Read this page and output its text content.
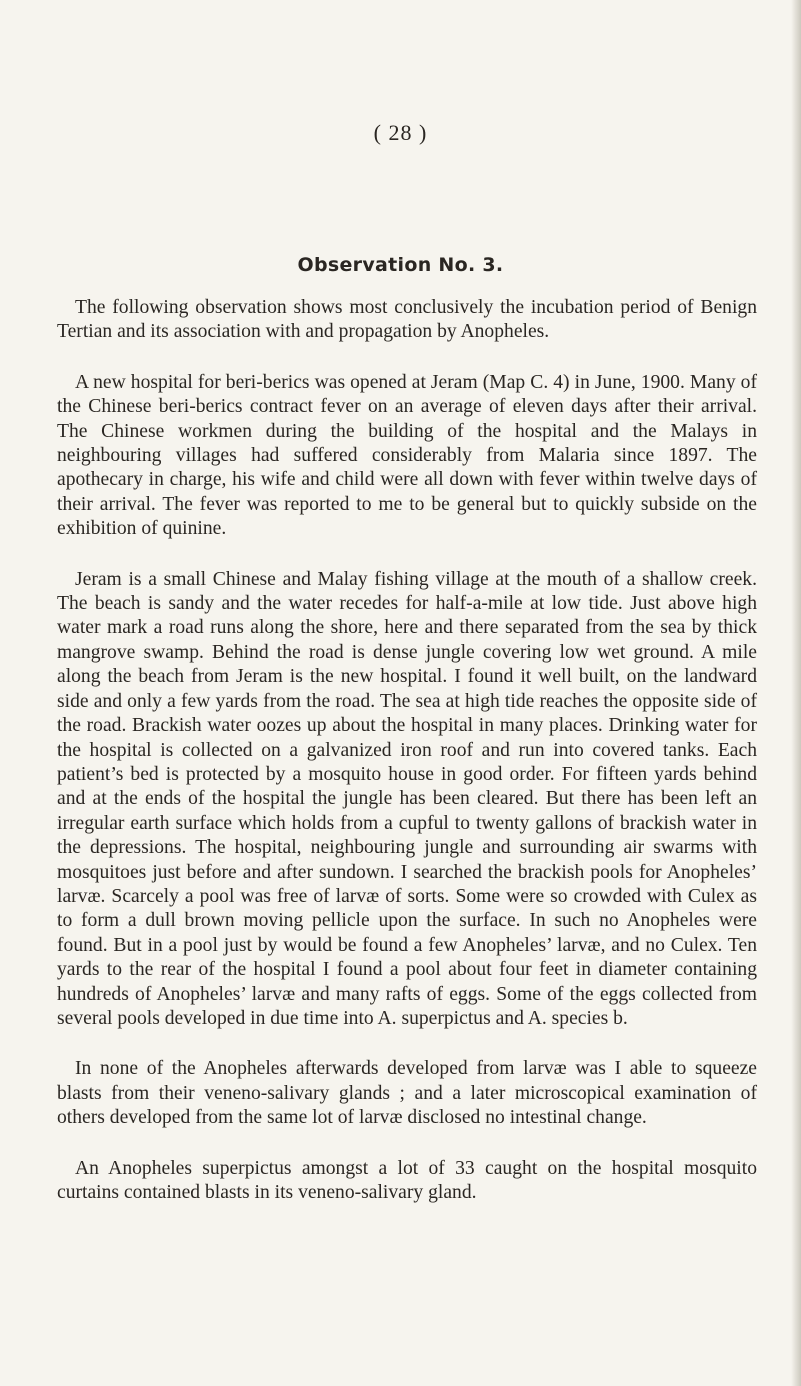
( 28 )
Observation No. 3.

The following observation shows most conclusively the incubation period of Benign Tertian and its association with and propagation by Anopheles.

A new hospital for beri-berics was opened at Jeram (Map C. 4) in June, 1900. Many of the Chinese beri-berics contract fever on an average of eleven days after their arrival. The Chinese workmen during the building of the hospital and the Malays in neighbouring villages had suffered considerably from Malaria since 1897. The apothecary in charge, his wife and child were all down with fever within twelve days of their arrival. The fever was reported to me to be general but to quickly subside on the exhibition of quinine.

Jeram is a small Chinese and Malay fishing village at the mouth of a shallow creek. The beach is sandy and the water recedes for half-a-mile at low tide. Just above high water mark a road runs along the shore, here and there separated from the sea by thick mangrove swamp. Behind the road is dense jungle covering low wet ground. A mile along the beach from Jeram is the new hospital. I found it well built, on the landward side and only a few yards from the road. The sea at high tide reaches the opposite side of the road. Brackish water oozes up about the hospital in many places. Drinking water for the hospital is collected on a galvanized iron roof and run into covered tanks. Each patient’s bed is protected by a mosquito house in good order. For fifteen yards behind and at the ends of the hospital the jungle has been cleared. But there has been left an irregular earth surface which holds from a cupful to twenty gallons of brackish water in the depressions. The hospital, neighbouring jungle and surrounding air swarms with mosquitoes just before and after sundown. I searched the brackish pools for Anopheles’ larvæ. Scarcely a pool was free of larvæ of sorts. Some were so crowded with Culex as to form a dull brown moving pellicle upon the surface. In such no Anopheles were found. But in a pool just by would be found a few Anopheles’ larvæ, and no Culex. Ten yards to the rear of the hospital I found a pool about four feet in diameter containing hundreds of Anopheles’ larvæ and many rafts of eggs. Some of the eggs collected from several pools developed in due time into A. superpictus and A. species b.

In none of the Anopheles afterwards developed from larvæ was I able to squeeze blasts from their veneno-salivary glands ; and a later microscopical examination of others developed from the same lot of larvæ disclosed no intestinal change.

An Anopheles superpictus amongst a lot of 33 caught on the hospital mosquito curtains contained blasts in its veneno-salivary gland.
